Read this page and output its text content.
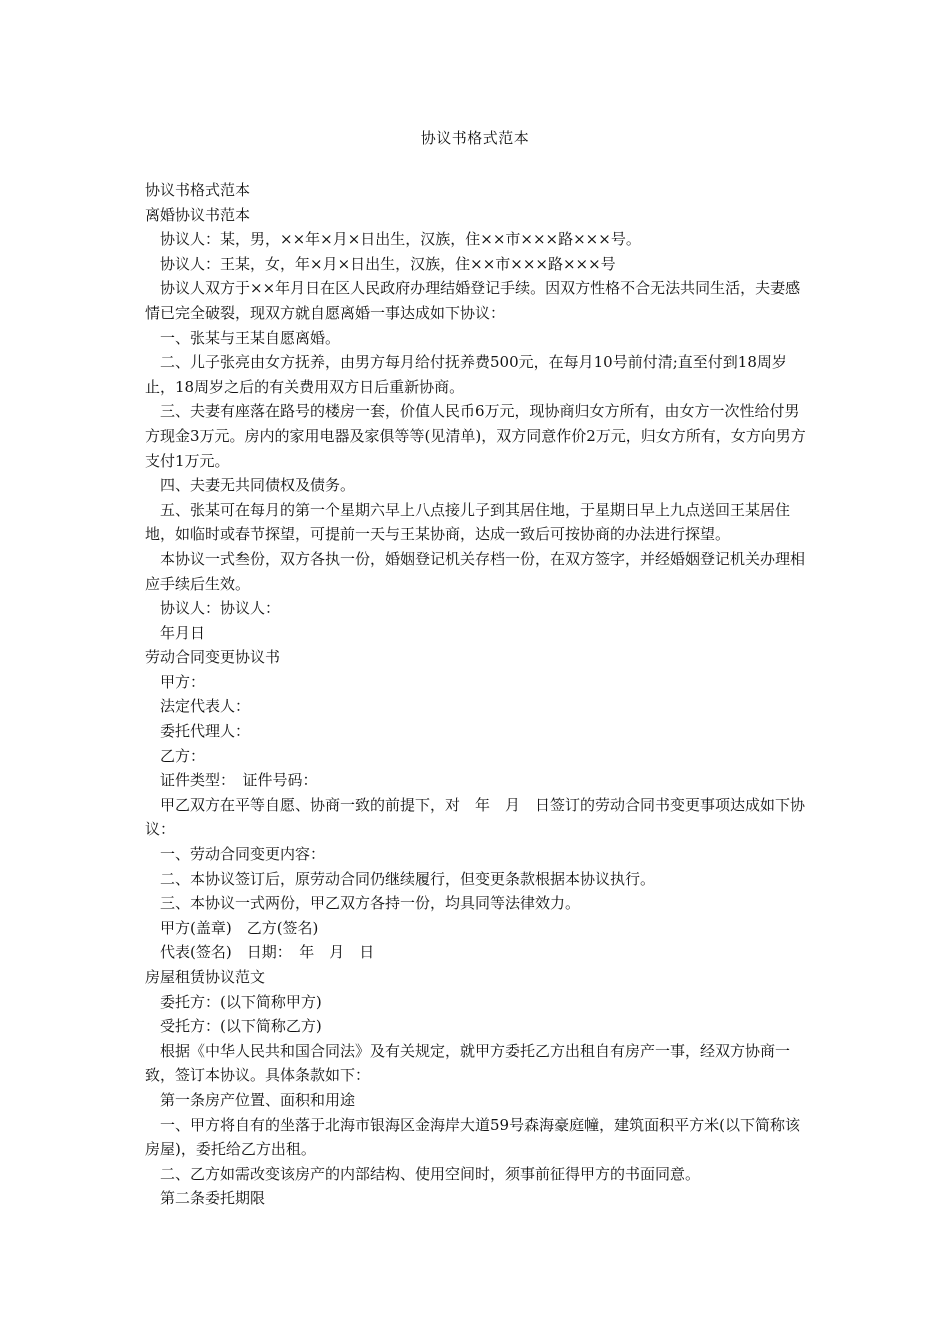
协议书格式范本

协议书格式范本

离婚协议书范本

协议人：某，男，××年×月×日出生，汉族，住××市×××路×××号。

协议人：王某，女，年×月×日出生，汉族，住××市×××路×××号

协议人双方于××年月日在区人民政府办理结婚登记手续。因双方性格不合无法共同生活，夫妻感情已完全破裂，现双方就自愿离婚一事达成如下协议：

一、张某与王某自愿离婚。

二、儿子张亮由女方抚养，由男方每月给付抚养费500元，在每月10号前付清;直至付到18周岁止，18周岁之后的有关费用双方日后重新协商。

三、夫妻有座落在路号的楼房一套，价值人民币6万元，现协商归女方所有，由女方一次性给付男方现金3万元。房内的家用电器及家俱等等(见清单)，双方同意作价2万元，归女方所有，女方向男方支付1万元。

四、夫妻无共同债权及债务。

五、张某可在每月的第一个星期六早上八点接儿子到其居住地，于星期日早上九点送回王某居住地，如临时或春节探望，可提前一天与王某协商，达成一致后可按协商的办法进行探望。

本协议一式叁份，双方各执一份，婚姻登记机关存档一份，在双方签字，并经婚姻登记机关办理相应手续后生效。

协议人：协议人：

年月日

劳动合同变更协议书

甲方：

法定代表人：

委托代理人：

乙方：

证件类型：　证件号码：

甲乙双方在平等自愿、协商一致的前提下，对　年　月　日签订的劳动合同书变更事项达成如下协议：

一、劳动合同变更内容：

二、本协议签订后，原劳动合同仍继续履行，但变更条款根据本协议执行。

三、本协议一式两份，甲乙双方各持一份，均具同等法律效力。

甲方(盖章)　乙方(签名)

代表(签名)　日期：　年　月　日

房屋租赁协议范文

委托方：(以下简称甲方)

受托方：(以下简称乙方)

根据《中华人民共和国合同法》及有关规定，就甲方委托乙方出租自有房产一事，经双方协商一致，签订本协议。具体条款如下：

第一条房产位置、面积和用途

一、甲方将自有的坐落于北海市银海区金海岸大道59号森海豪庭幢，建筑面积平方米(以下简称该房屋)，委托给乙方出租。

二、乙方如需改变该房产的内部结构、使用空间时，须事前征得甲方的书面同意。

第二条委托期限
